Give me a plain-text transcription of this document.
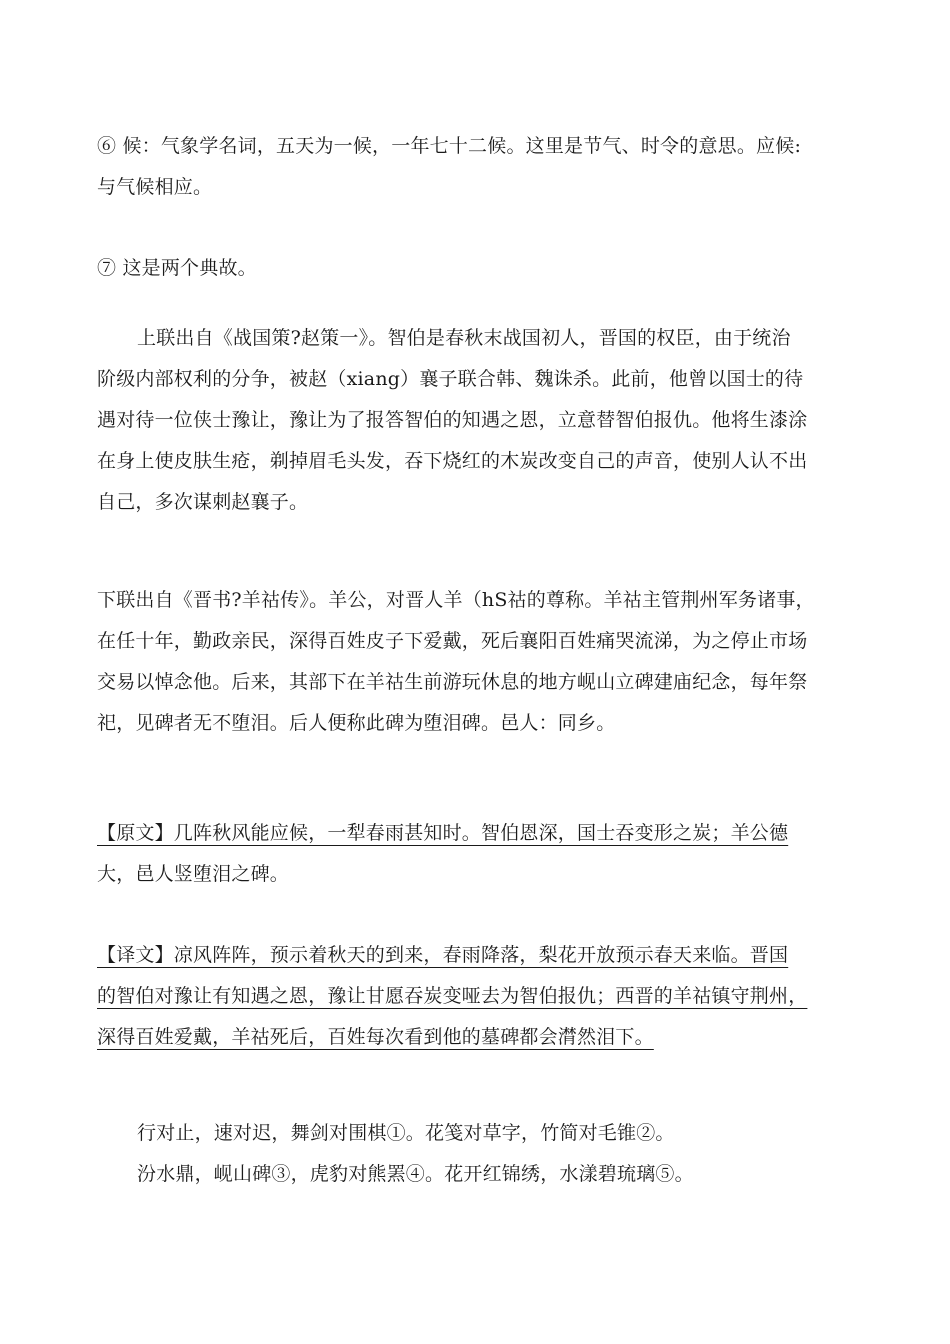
⑥ 候：气象学名词，五天为一候，一年七十二候。这里是节气、时令的意思。应候:
与气候相应。
⑦ 这是两个典故。
上联出自《战国策?赵策一》。智伯是春秋末战国初人，晋国的权臣，由于统治
阶级内部权利的分争，被赵（xiang）襄子联合韩、魏诛杀。此前，他曾以国士的待
遇对待一位侠士豫让，豫让为了报答智伯的知遇之恩，立意替智伯报仇。他将生漆涂
在身上使皮肤生疮，剃掉眉毛头发，吞下烧红的木炭改变自己的声音，使别人认不出
自己，多次谋刺赵襄子。
下联出自《晋书?羊祜传》。羊公，对晋人羊（hS祜的尊称。羊祜主管荆州军务诸事，
在任十年，勤政亲民，深得百姓皮子下爱戴，死后襄阳百姓痛哭流涕，为之停止市场
交易以悼念他。后来，其部下在羊祜生前游玩休息的地方岘山立碑建庙纪念，每年祭
祀，见碑者无不堕泪。后人便称此碑为堕泪碑。邑人：同乡。
【原文】几阵秋风能应候，一犁春雨甚知时。智伯恩深，国士吞变形之炭；羊公德
大，邑人竖堕泪之碑。
【译文】凉风阵阵，预示着秋天的到来，春雨降落，梨花开放预示春天来临。晋国
的智伯对豫让有知遇之恩，豫让甘愿吞炭变哑去为智伯报仇；西晋的羊祜镇守荆州，
深得百姓爱戴，羊祜死后，百姓每次看到他的墓碑都会潸然泪下。
行对止，速对迟，舞剑对围棋①。花笺对草字，竹简对毛锥②。
汾水鼎，岘山碑③，虎豹对熊罴④。花开红锦绣，水漾碧琉璃⑤。
